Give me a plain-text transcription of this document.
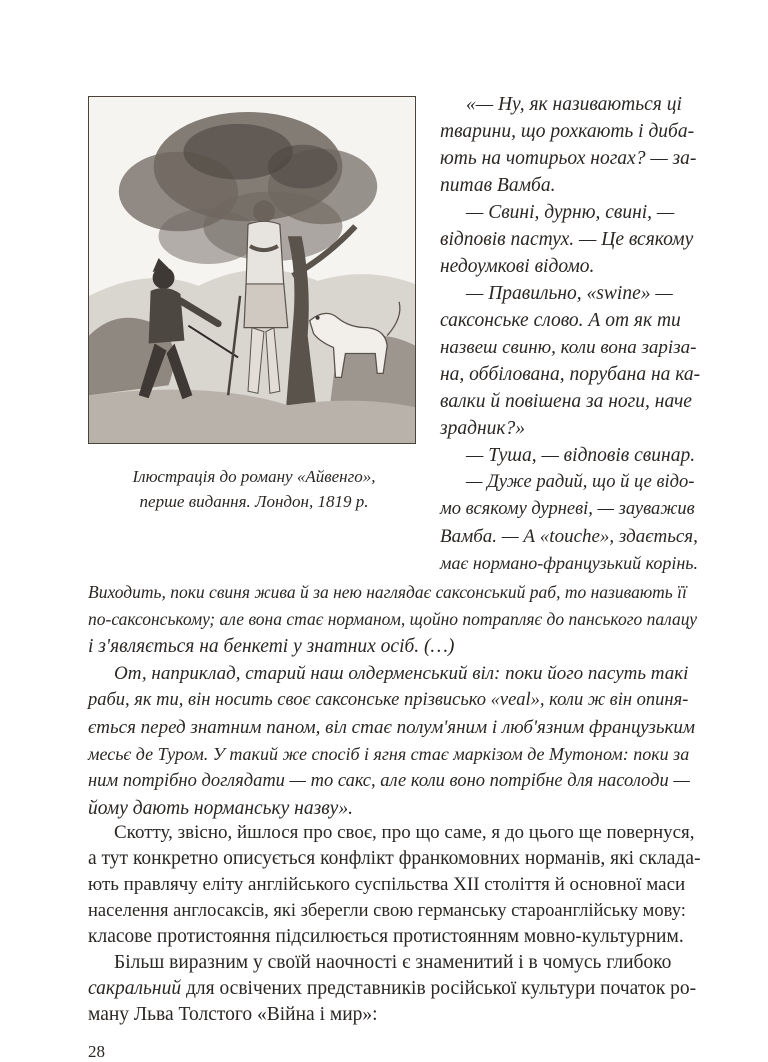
Ілюстрація до роману «Айвенго»,
перше видання. Лондон, 1819 р.
«— Ну, як називаються ці
тварини, що рохкають і диба-
ють на чотирьох ногах? — за-
питав Вамба.
— Свині, дурню, свині, —
відповів пастух. — Це всякому
недоумкові відомо.
— Правильно, «swine» —
саксонське слово. А от як ти
назвеш свиню, коли вона заріза-
на, оббілована, порубана на ка-
валки й повішена за ноги, наче
зрадник?»
— Туша, — відповів свинар.
— Дуже радий, що й це відо-
мо всякому дурневі, — зауважив
Вамба. — А «touche», здається,
має нормано-французький корінь.
Виходить, поки свиня жива й за нею наглядає саксонський раб, то називають її
по-саксонському; але вона стає норманом, щойно потрапляє до панського палацу
і з'являється на бенкеті у знатних осіб. (…)
От, наприклад, старий наш олдерменський віл: поки його пасуть такі
раби, як ти, він носить своє саксонське прізвисько «veal», коли ж він опиня-
ється перед знатним паном, віл стає полум'яним і люб'язним французьким
месьє де Туром. У такий же спосіб і ягня стає маркізом де Мутоном: поки за
ним потрібно доглядати — то сакс, але коли воно потрібне для насолоди —
йому дають норманську назву».
Скотту, звісно, йшлося про своє, про що саме, я до цього ще повернуся,
а тут конкретно описується конфлікт франкомовних норманів, які склада-
ють правлячу еліту англійського суспільства XII століття й основної маси
населення англосаксів, які зберегли свою германську староанглійську мову:
класове протистояння підсилюється протистоянням мовно-культурним.
Більш виразним у своїй наочності є знаменитий і в чомусь глибоко
сакральний для освічених представників російської культури початок ро-
ману Льва Толстого «Війна і мир»:
28
